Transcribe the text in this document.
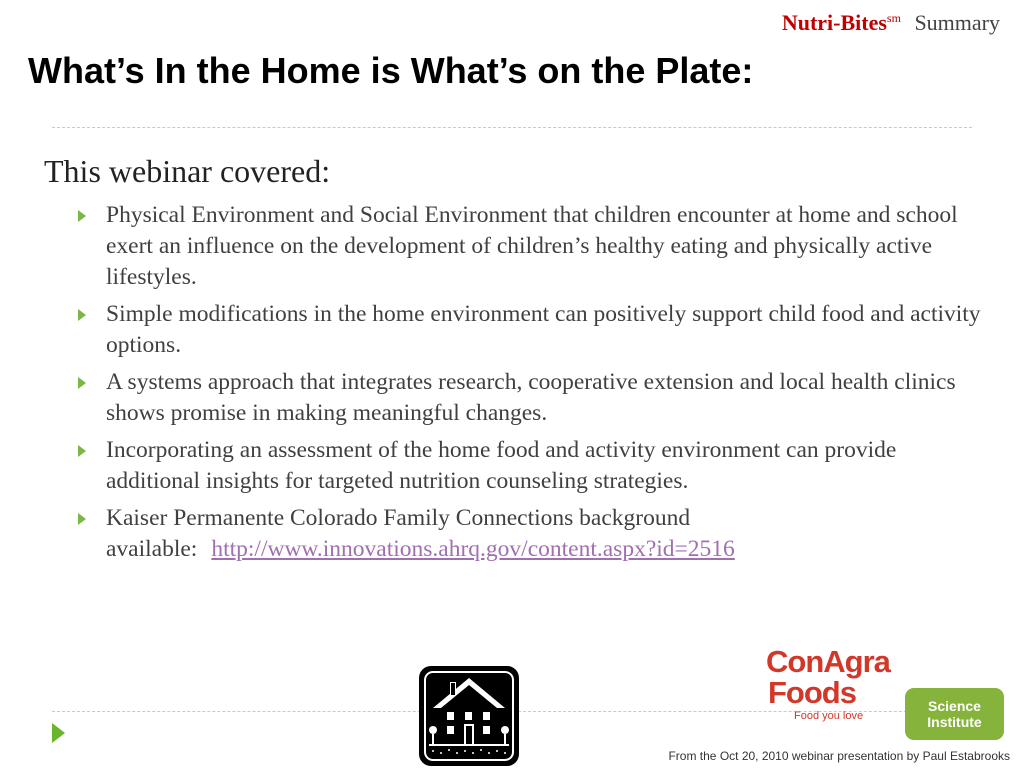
Nutri-Bites$^{sm}$ Summary
What’s In the Home is What’s on the Plate:
This webinar covered:
Physical Environment and Social Environment that children encounter at home and school exert an influence on the development of children’s healthy eating and physically active lifestyles.
Simple modifications in the home environment can positively support child food and activity options.
A systems approach that integrates research, cooperative extension and local health clinics shows promise in making meaningful changes.
Incorporating an assessment of the home food and activity environment can provide additional insights for targeted nutrition counseling strategies.
Kaiser Permanente Colorado Family Connections background available: http://www.innovations.ahrq.gov/content.aspx?id=2516
ConAgra
Foods
Food you love
Science
Institute
From the Oct 20, 2010 webinar presentation by Paul Estabrooks
